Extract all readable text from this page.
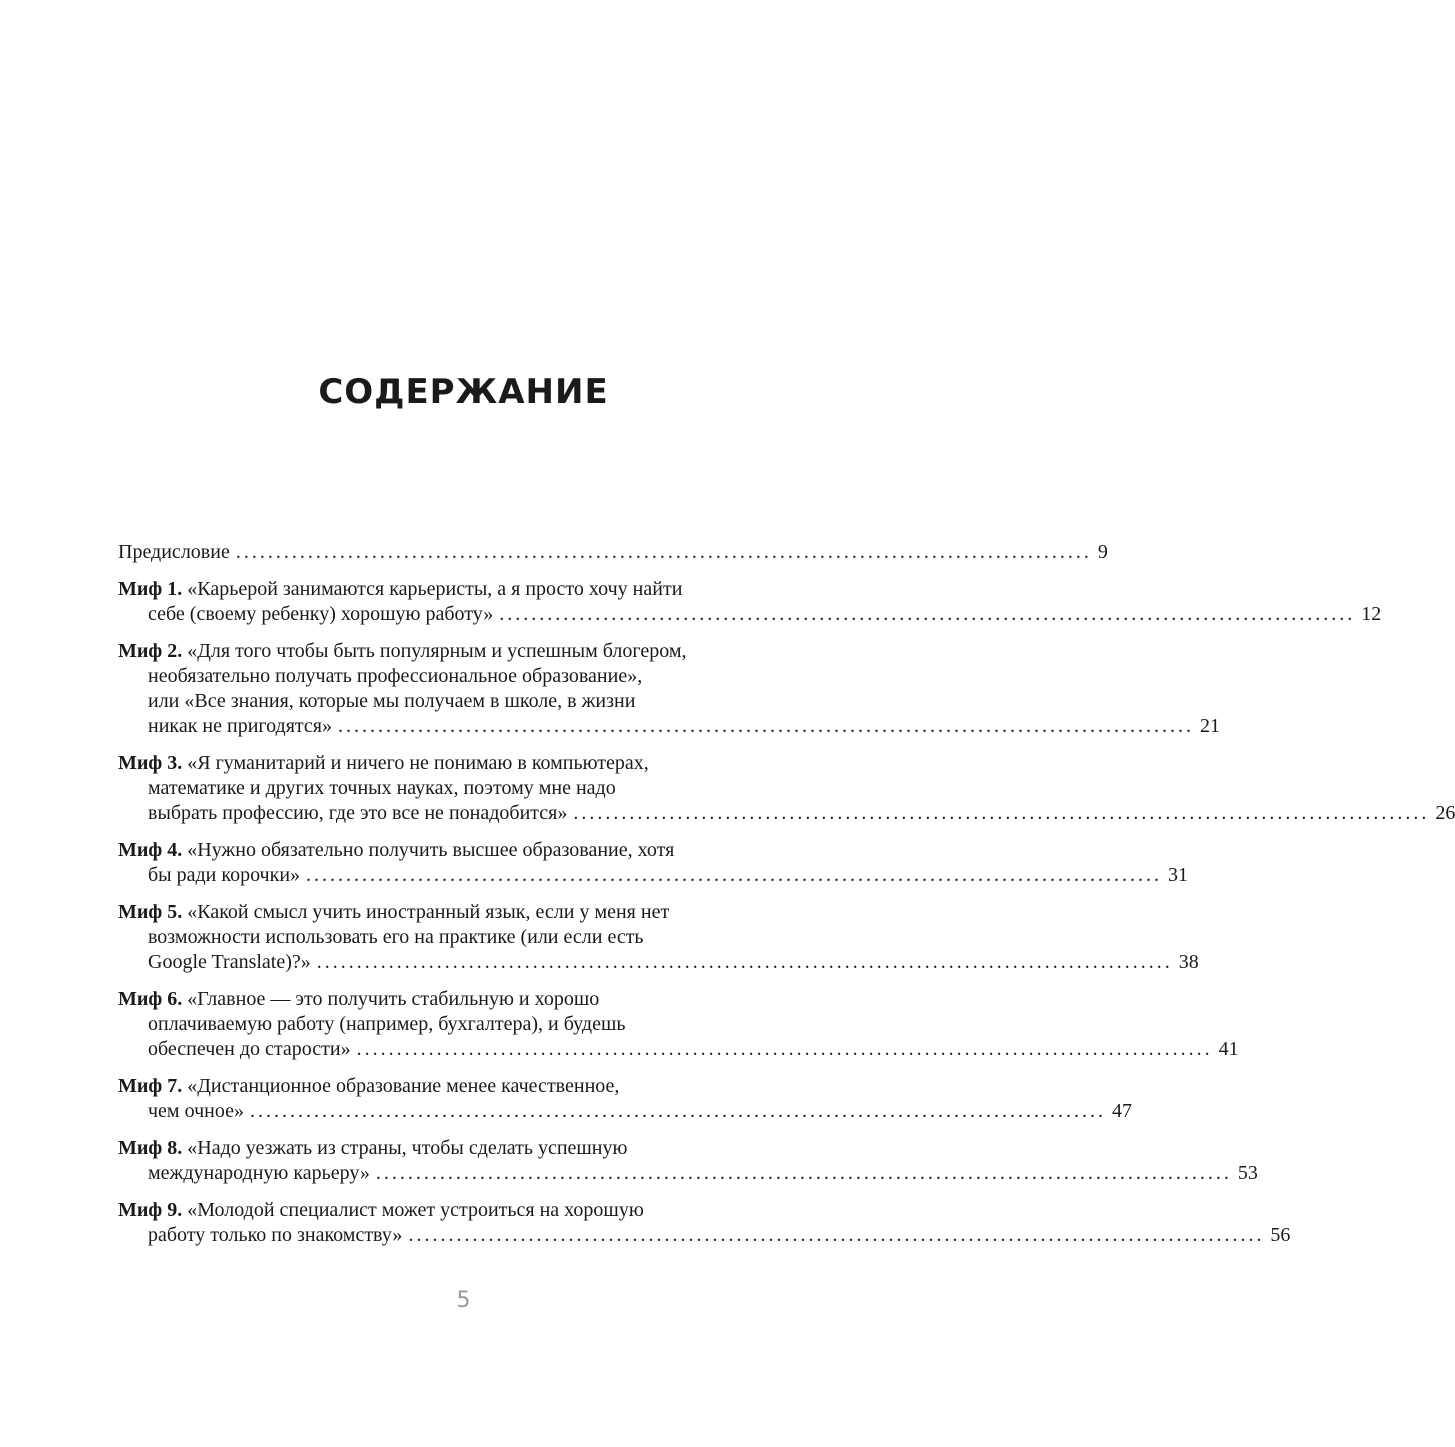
СОДЕРЖАНИЕ
Предисловие ........................................................................................................... 9
Миф 1. «Карьерой занимаются карьеристы, а я просто хочу найти
себе (своему ребенку) хорошую работу» ........................................................................................................... 12
Миф 2. «Для того чтобы быть популярным и успешным блогером,
необязательно получать профессиональное образование»,
или «Все знания, которые мы получаем в школе, в жизни
никак не пригодятся» ........................................................................................................... 21
Миф 3. «Я гуманитарий и ничего не понимаю в компьютерах,
математике и других точных науках, поэтому мне надо
выбрать профессию, где это все не понадобится» ........................................................................................................... 26
Миф 4. «Нужно обязательно получить высшее образование, хотя
бы ради корочки» ........................................................................................................... 31
Миф 5. «Какой смысл учить иностранный язык, если у меня нет
возможности использовать его на практике (или если есть
Google Translate)?» ........................................................................................................... 38
Миф 6. «Главное — это получить стабильную и хорошо
оплачиваемую работу (например, бухгалтера), и будешь
обеспечен до старости» ........................................................................................................... 41
Миф 7. «Дистанционное образование менее качественное,
чем очное» ........................................................................................................... 47
Миф 8. «Надо уезжать из страны, чтобы сделать успешную
международную карьеру» ........................................................................................................... 53
Миф 9. «Молодой специалист может устроиться на хорошую
работу только по знакомству» ........................................................................................................... 56
5
